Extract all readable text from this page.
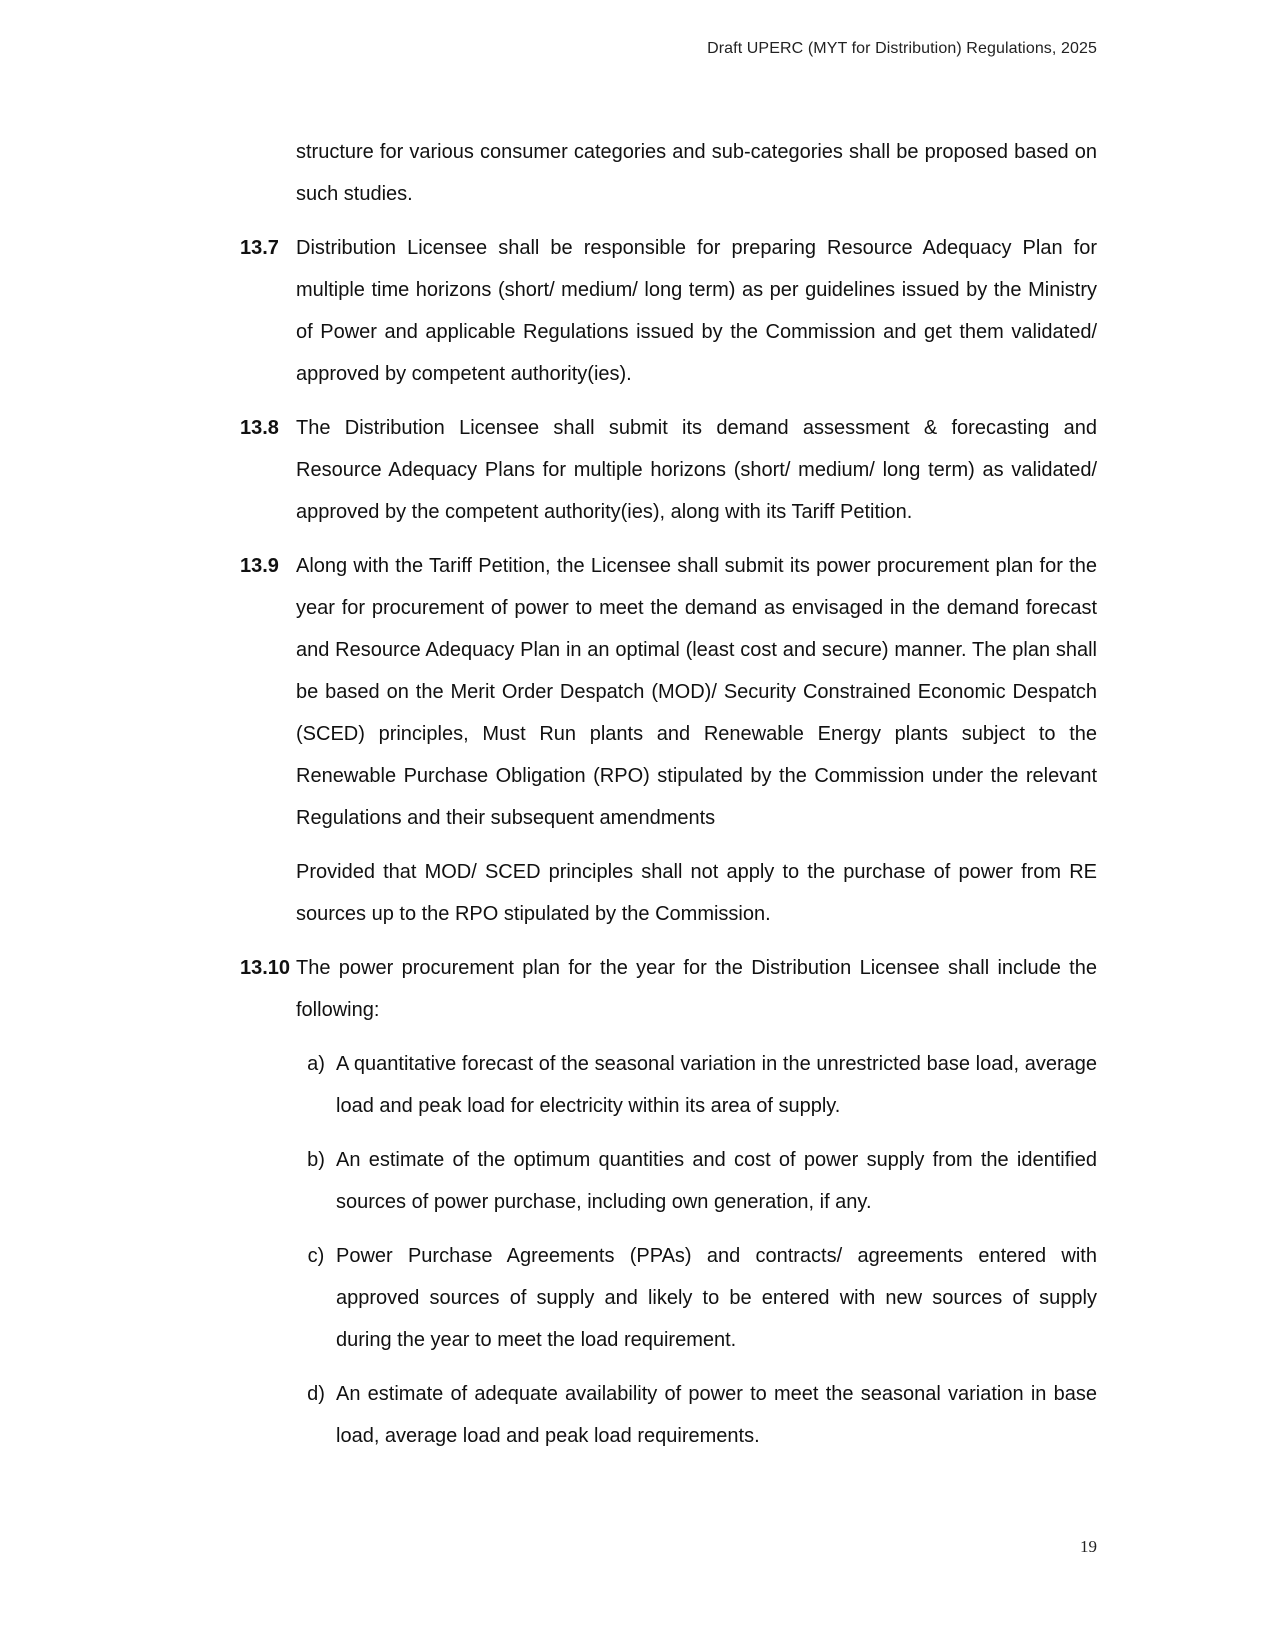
Draft UPERC (MYT for Distribution) Regulations, 2025
structure for various consumer categories and sub-categories shall be proposed based on such studies.
13.7 Distribution Licensee shall be responsible for preparing Resource Adequacy Plan for multiple time horizons (short/ medium/ long term) as per guidelines issued by the Ministry of Power and applicable Regulations issued by the Commission and get them validated/ approved by competent authority(ies).
13.8 The Distribution Licensee shall submit its demand assessment & forecasting and Resource Adequacy Plans for multiple horizons (short/ medium/ long term) as validated/ approved by the competent authority(ies), along with its Tariff Petition.
13.9 Along with the Tariff Petition, the Licensee shall submit its power procurement plan for the year for procurement of power to meet the demand as envisaged in the demand forecast and Resource Adequacy Plan in an optimal (least cost and secure) manner. The plan shall be based on the Merit Order Despatch (MOD)/ Security Constrained Economic Despatch (SCED) principles, Must Run plants and Renewable Energy plants subject to the Renewable Purchase Obligation (RPO) stipulated by the Commission under the relevant Regulations and their subsequent amendments
Provided that MOD/ SCED principles shall not apply to the purchase of power from RE sources up to the RPO stipulated by the Commission.
13.10 The power procurement plan for the year for the Distribution Licensee shall include the following:
a) A quantitative forecast of the seasonal variation in the unrestricted base load, average load and peak load for electricity within its area of supply.
b) An estimate of the optimum quantities and cost of power supply from the identified sources of power purchase, including own generation, if any.
c) Power Purchase Agreements (PPAs) and contracts/ agreements entered with approved sources of supply and likely to be entered with new sources of supply during the year to meet the load requirement.
d) An estimate of adequate availability of power to meet the seasonal variation in base load, average load and peak load requirements.
19
